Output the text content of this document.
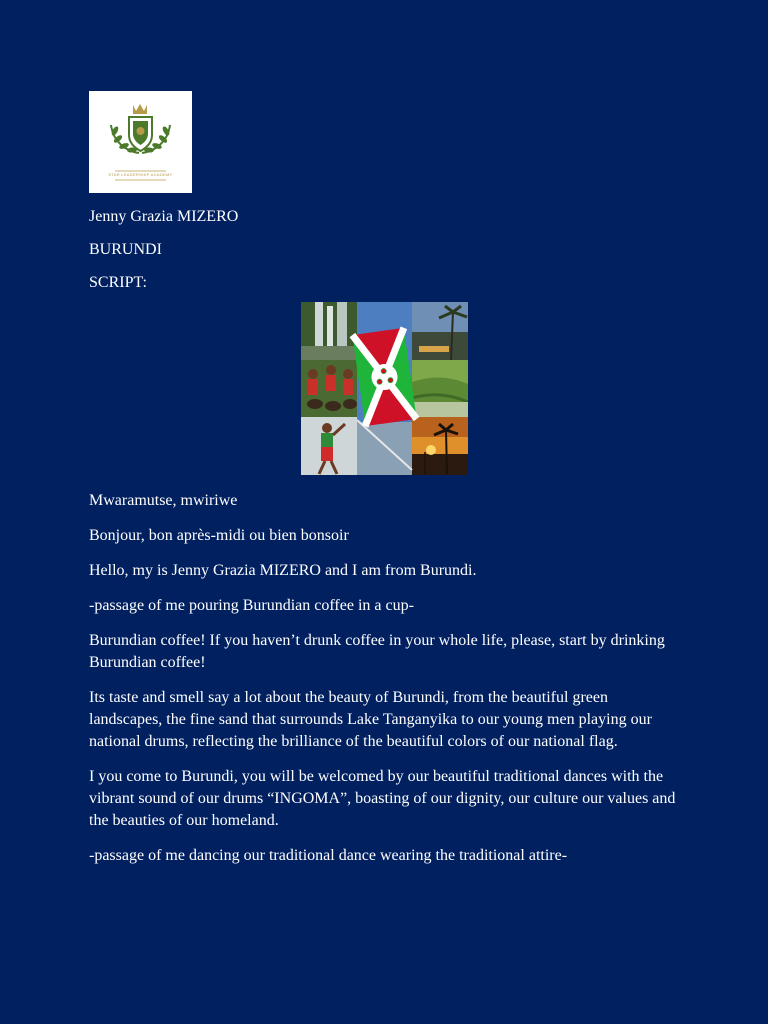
STAR LEADERSHIP ACADEMY

Jenny Grazia MIZERO

BURUNDI

SCRIPT:

Mwaramutse, mwiriwe

Bonjour, bon après-midi ou bien bonsoir

Hello, my is Jenny Grazia MIZERO and I am from Burundi.

-passage of me pouring Burundian coffee in a cup-

Burundian coffee! If you haven’t drunk coffee in your whole life, please, start by drinking Burundian coffee!

Its taste and smell say a lot about the beauty of Burundi, from the beautiful green landscapes, the fine sand that surrounds Lake Tanganyika to our young men playing our national drums, reflecting the brilliance of the beautiful colors of our national flag.

I you come to Burundi, you will be welcomed by our beautiful traditional dances with the vibrant sound of our drums “INGOMA”, boasting of our dignity, our culture our values and the beauties of our homeland.

-passage of me dancing our traditional dance wearing the traditional attire-
